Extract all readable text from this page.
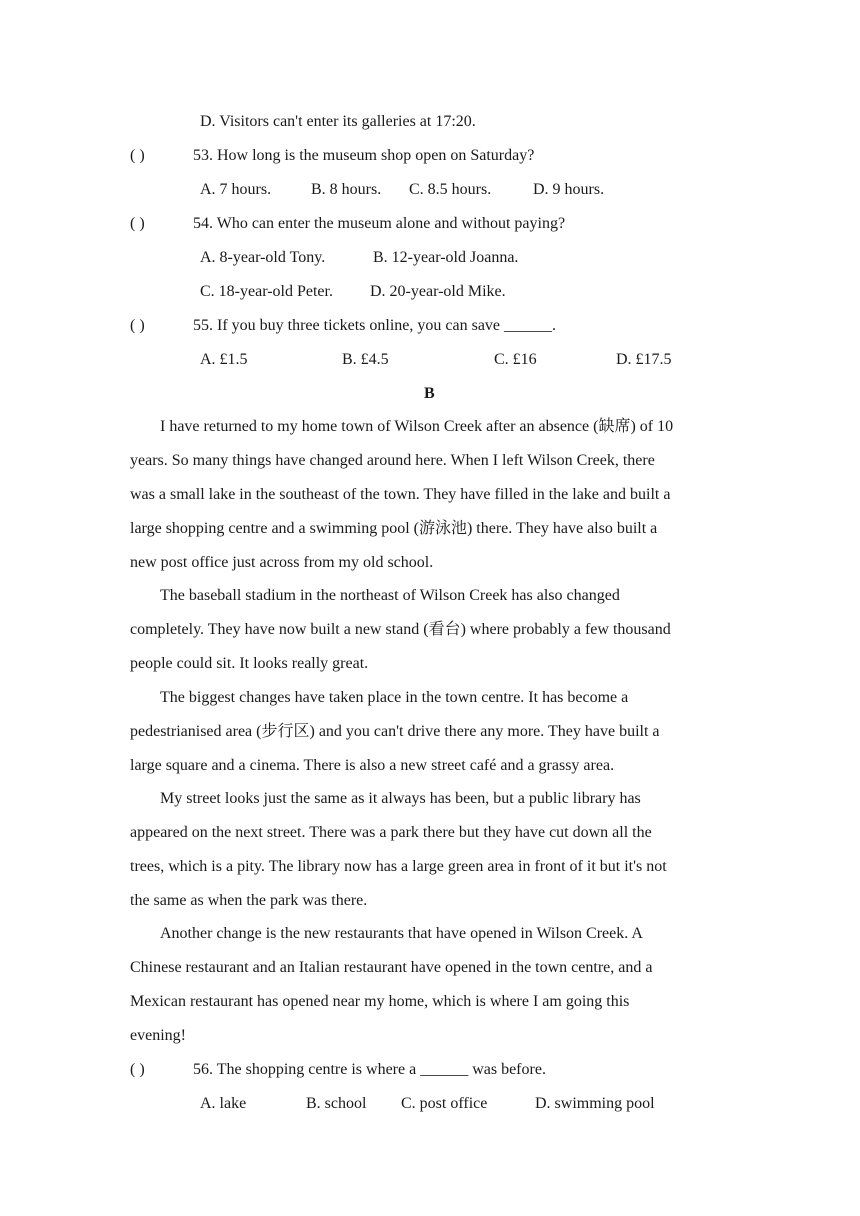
D. Visitors can't enter its galleries at 17:20.
( )	53. How long is the museum shop open on Saturday?
A. 7 hours. B. 8 hours. C. 8.5 hours.	D. 9 hours.
( )	54. Who can enter the museum alone and without paying?
A. 8-year-old Tony.	B. 12-year-old Joanna.
C. 18-year-old Peter. D. 20-year-old Mike.
( )	55. If you buy three tickets online, you can save ______.
A. £1.5	B. £4.5	C. £16	D. £17.5
B
I have returned to my home town of Wilson Creek after an absence (缺席) of 10
years. So many things have changed around here. When I left Wilson Creek, there
was a small lake in the southeast of the town. They have filled in the lake and built a
large shopping centre and a swimming pool (游泳池) there. They have also built a
new post office just across from my old school.
The baseball stadium in the northeast of Wilson Creek has also changed
completely. They have now built a new stand (看台) where probably a few thousand
people could sit. It looks really great.
The biggest changes have taken place in the town centre. It has become a
pedestrianised area (步行区) and you can't drive there any more. They have built a
large square and a cinema. There is also a new street café and a grassy area.
My street looks just the same as it always has been, but a public library has
appeared on the next street. There was a park there but they have cut down all the
trees, which is a pity. The library now has a large green area in front of it but it's not
the same as when the park was there.
Another change is the new restaurants that have opened in Wilson Creek. A
Chinese restaurant and an Italian restaurant have opened in the town centre, and a
Mexican restaurant has opened near my home, which is where I am going this
evening!
( )	56. The shopping centre is where a ______ was before.
A. lake	B. school C. post office	D. swimming pool
